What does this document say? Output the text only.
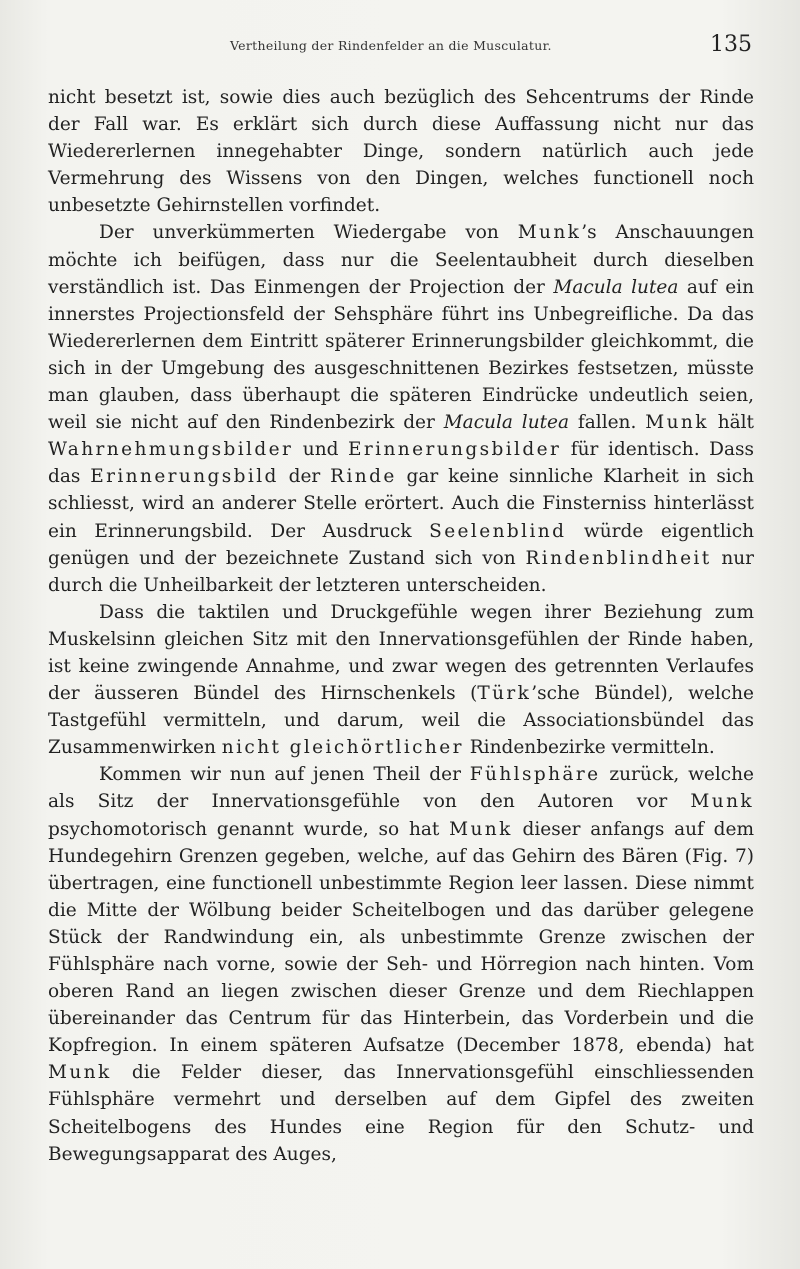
Vertheilung der Rindenfelder an die Musculatur.	135

nicht besetzt ist, sowie dies auch bezüglich des Sehcentrums der Rinde der Fall war. Es erklärt sich durch diese Auffassung nicht nur das Wiedererlernen innegehabter Dinge, sondern natürlich auch jede Vermehrung des Wissens von den Dingen, welches functionell noch unbesetzte Gehirnstellen vorfindet.

Der unverkümmerten Wiedergabe von Munk’s Anschauungen möchte ich beifügen, dass nur die Seelentaubheit durch dieselben verständlich ist. Das Einmengen der Projection der Macula lutea auf ein innerstes Projectionsfeld der Sehsphäre führt ins Unbegreifliche. Da das Wiedererlernen dem Eintritt späterer Erinnerungsbilder gleichkommt, die sich in der Umgebung des ausgeschnittenen Bezirkes festsetzen, müsste man glauben, dass überhaupt die späteren Eindrücke undeutlich seien, weil sie nicht auf den Rindenbezirk der Macula lutea fallen. Munk hält Wahrnehmungsbilder und Erinnerungsbilder für identisch. Dass das Erinnerungsbild der Rinde gar keine sinnliche Klarheit in sich schliesst, wird an anderer Stelle erörtert. Auch die Finsterniss hinterlässt ein Erinnerungsbild. Der Ausdruck Seelenblind würde eigentlich genügen und der bezeichnete Zustand sich von Rindenblindheit nur durch die Unheilbarkeit der letzteren unterscheiden.

Dass die taktilen und Druckgefühle wegen ihrer Beziehung zum Muskelsinn gleichen Sitz mit den Innervationsgefühlen der Rinde haben, ist keine zwingende Annahme, und zwar wegen des getrennten Verlaufes der äusseren Bündel des Hirnschenkels (Türk’sche Bündel), welche Tastgefühl vermitteln, und darum, weil die Associationsbündel das Zusammenwirken nicht gleichörtlicher Rindenbezirke vermitteln.

Kommen wir nun auf jenen Theil der Fühlsphäre zurück, welche als Sitz der Innervationsgefühle von den Autoren vor Munk psychomotorisch genannt wurde, so hat Munk dieser anfangs auf dem Hundegehirn Grenzen gegeben, welche, auf das Gehirn des Bären (Fig. 7) übertragen, eine functionell unbestimmte Region leer lassen. Diese nimmt die Mitte der Wölbung beider Scheitelbogen und das darüber gelegene Stück der Randwindung ein, als unbestimmte Grenze zwischen der Fühlsphäre nach vorne, sowie der Seh- und Hörregion nach hinten. Vom oberen Rand an liegen zwischen dieser Grenze und dem Riechlappen übereinander das Centrum für das Hinterbein, das Vorderbein und die Kopfregion. In einem späteren Aufsatze (December 1878, ebenda) hat Munk die Felder dieser, das Innervationsgefühl einschliessenden Fühlsphäre vermehrt und derselben auf dem Gipfel des zweiten Scheitelbogens des Hundes eine Region für den Schutz- und Bewegungsapparat des Auges,
